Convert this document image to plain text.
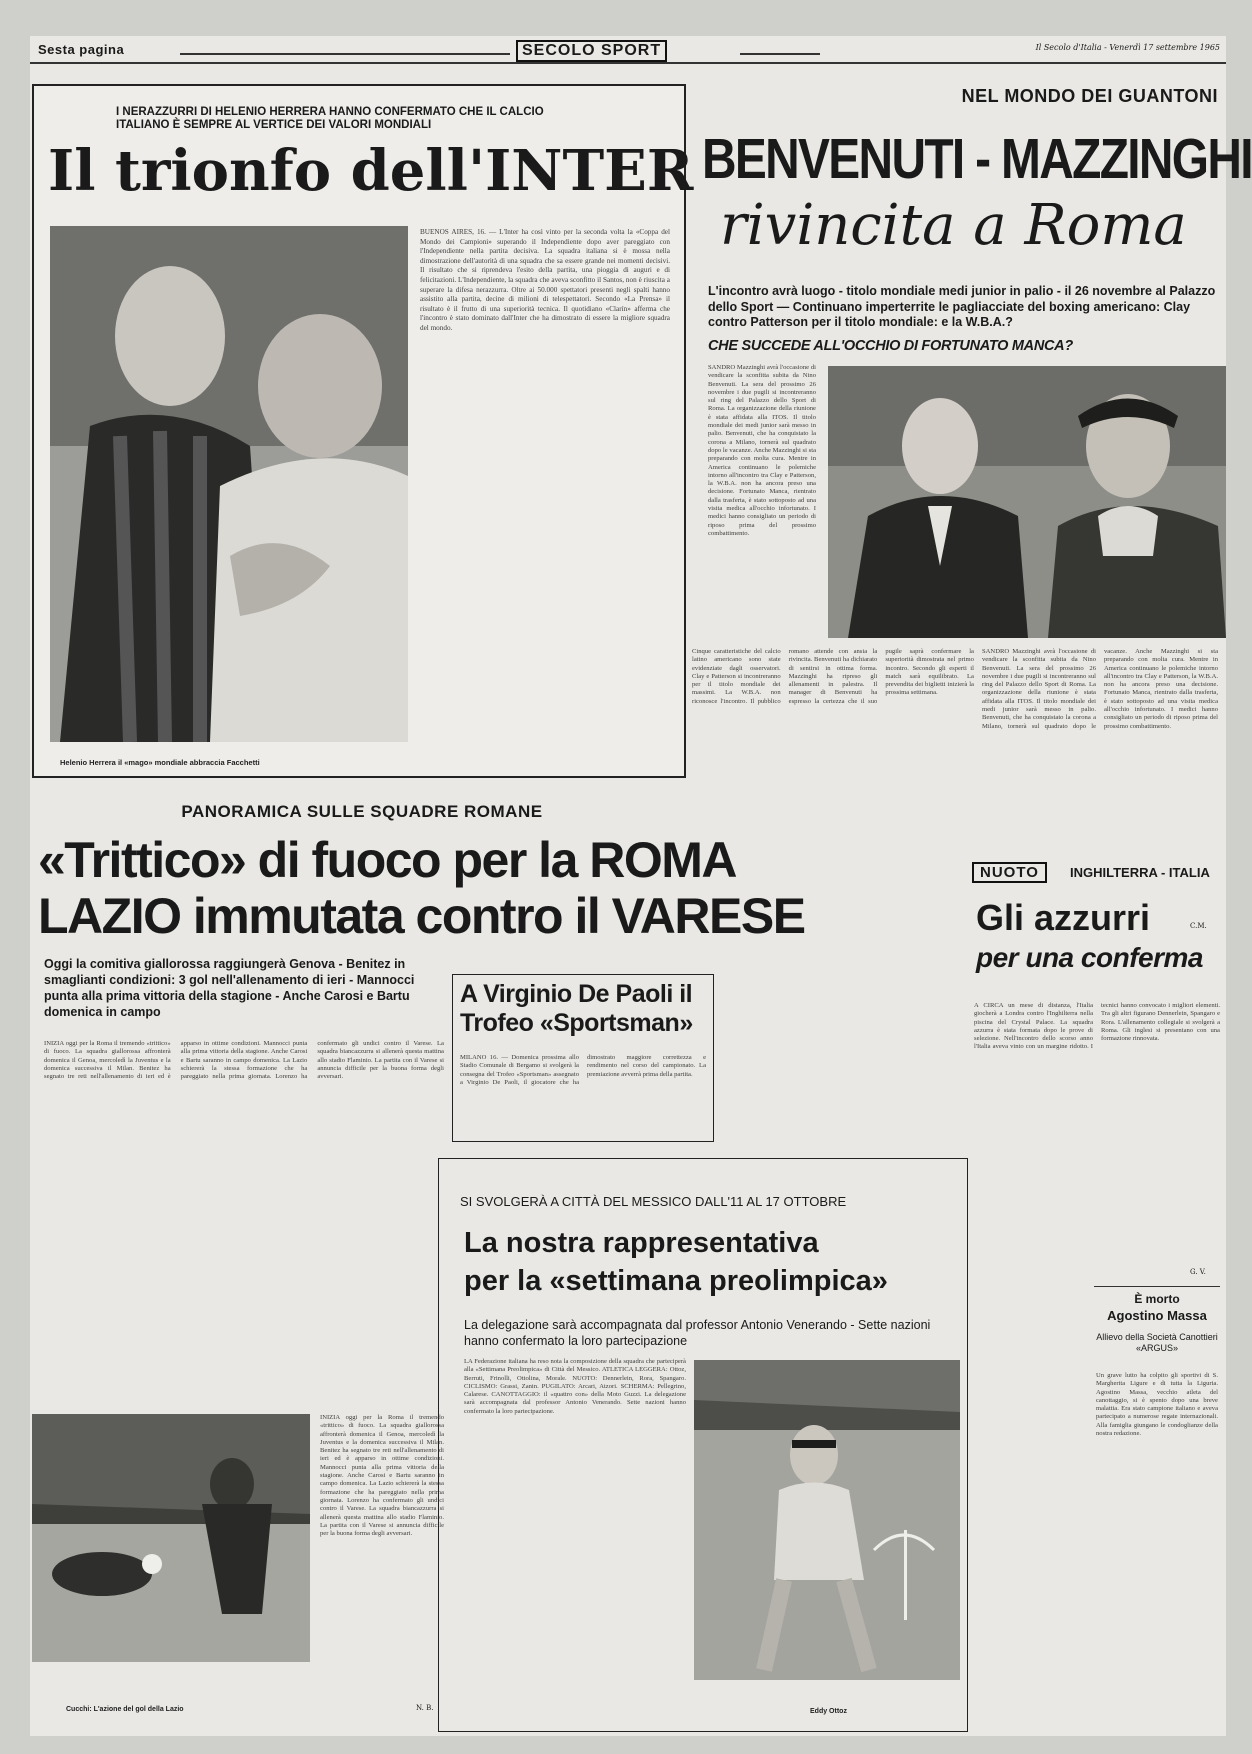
Sesta pagina	SECOLO SPORT	Il Secolo d'Italia - Venerdì 17 settembre 1965
I NERAZZURRI DI HELENIO HERRERA HANNO CONFERMATO CHE IL CALCIO ITALIANO È SEMPRE AL VERTICE DEI VALORI MONDIALI
Il trionfo dell'INTER
Helenio Herrera il «mago» mondiale abbraccia Facchetti
BUENOS AIRES, 16. — L'Inter ha così vinto per la seconda volta la «Coppa del Mondo dei Campioni» superando il Independiente dopo aver pareggiato con l'Independiente nella partita decisiva. La squadra italiana si è mossa nella dimostrazione dell'autorità di una squadra che sa essere grande nei momenti decisivi. Il risultato che si riprendeva l'esito della partita, una pioggia di auguri e di felicitazioni. L'Independiente, la squadra che aveva sconfitto il Santos, non è riuscita a superare la difesa nerazzurra. Oltre ai 50.000 spettatori presenti negli spalti hanno assistito alla partita, decine di milioni di telespettatori. Secondo «La Prensa» il risultato è il frutto di una superiorità tecnica. Il quotidiano «Clarín» afferma che l'incontro è stato dominato dall'Inter che ha dimostrato di essere la migliore squadra del mondo.
NEL MONDO DEI GUANTONI
BENVENUTI - MAZZINGHI
rivincita a Roma
L'incontro avrà luogo - titolo mondiale medi junior in palio - il 26 novembre al Palazzo dello Sport — Continuano imperterrite le pagliacciate del boxing americano: Clay contro Patterson per il titolo mondiale: e la W.B.A.?
CHE SUCCEDE ALL'OCCHIO DI FORTUNATO MANCA?
SANDRO Mazzinghi avrà l'occasione di vendicare la sconfitta subita da Nino Benvenuti. La sera del prossimo 26 novembre i due pugili si incontreranno sul ring del Palazzo dello Sport di Roma. La organizzazione della riunione è stata affidata alla ITOS. Il titolo mondiale dei medi junior sarà messo in palio. Benvenuti, che ha conquistato la corona a Milano, tornerà sul quadrato dopo le vacanze. Anche Mazzinghi si sta preparando con molta cura. Mentre in America continuano le polemiche intorno all'incontro tra Clay e Patterson, la W.B.A. non ha ancora preso una decisione. Fortunato Manca, rientrato dalla trasferta, è stato sottoposto ad una visita medica all'occhio infortunato. I medici hanno consigliato un periodo di riposo prima del prossimo combattimento.
Cinque caratteristiche del calcio latino americano sono state evidenziate dagli osservatori. Clay e Patterson si incontreranno per il titolo mondiale dei massimi. La W.B.A. non riconosce l'incontro. Il pubblico romano attende con ansia la rivincita. Benvenuti ha dichiarato di sentirsi in ottima forma. Mazzinghi ha ripreso gli allenamenti in palestra. Il manager di Benvenuti ha espresso la certezza che il suo pugile saprà confermare la superiorità dimostrata nel primo incontro. Secondo gli esperti il match sarà equilibrato. La prevendita dei biglietti inizierà la prossima settimana.
SANDRO Mazzinghi avrà l'occasione di vendicare la sconfitta subita da Nino Benvenuti. La sera del prossimo 26 novembre i due pugili si incontreranno sul ring del Palazzo dello Sport di Roma. La organizzazione della riunione è stata affidata alla ITOS. Il titolo mondiale dei medi junior sarà messo in palio. Benvenuti, che ha conquistato la corona a Milano, tornerà sul quadrato dopo le vacanze. Anche Mazzinghi si sta preparando con molta cura. Mentre in America continuano le polemiche intorno all'incontro tra Clay e Patterson, la W.B.A. non ha ancora preso una decisione. Fortunato Manca, rientrato dalla trasferta, è stato sottoposto ad una visita medica all'occhio infortunato. I medici hanno consigliato un periodo di riposo prima del prossimo combattimento.
C.M.
PANORAMICA SULLE SQUADRE ROMANE
«Trittico» di fuoco per la ROMA
LAZIO immutata contro il VARESE
Oggi la comitiva giallorossa raggiungerà Genova - Benitez in smaglianti condizioni: 3 gol nell'allenamento di ieri - Mannocci punta alla prima vittoria della stagione - Anche Carosi e Bartu domenica in campo
INIZIA oggi per la Roma il tremendo «trittico» di fuoco. La squadra giallorossa affronterà domenica il Genoa, mercoledì la Juventus e la domenica successiva il Milan. Benitez ha segnato tre reti nell'allenamento di ieri ed è apparso in ottime condizioni. Mannocci punta alla prima vittoria della stagione. Anche Carosi e Bartu saranno in campo domenica. La Lazio schiererà la stessa formazione che ha pareggiato nella prima giornata. Lorenzo ha confermato gli undici contro il Varese. La squadra biancazzurra si allenerà questa mattina allo stadio Flaminio. La partita con il Varese si annuncia difficile per la buona forma degli avversari.
Cucchi: L'azione del gol della Lazio
INIZIA oggi per la Roma il tremendo «trittico» di fuoco. La squadra giallorossa affronterà domenica il Genoa, mercoledì la Juventus e la domenica successiva il Milan. Benitez ha segnato tre reti nell'allenamento di ieri ed è apparso in ottime condizioni. Mannocci punta alla prima vittoria della stagione. Anche Carosi e Bartu saranno in campo domenica. La Lazio schiererà la stessa formazione che ha pareggiato nella prima giornata. Lorenzo ha confermato gli undici contro il Varese. La squadra biancazzurra si allenerà questa mattina allo stadio Flaminio. La partita con il Varese si annuncia difficile per la buona forma degli avversari.
N. B.
A Virginio De Paoli il Trofeo «Sportsman»
MILANO 16. — Domenica prossima allo Stadio Comunale di Bergamo si svolgerà la consegna del Trofeo «Sportsman» assegnato a Virginio De Paoli, il giocatore che ha dimostrato maggiore correttezza e rendimento nel corso del campionato. La premiazione avverrà prima della partita.
SI SVOLGERÀ A CITTÀ DEL MESSICO DALL'11 AL 17 OTTOBRE
La nostra rappresentativa
per la «settimana preolimpica»
La delegazione sarà accompagnata dal professor Antonio Venerando - Sette nazioni hanno confermato la loro partecipazione
LA Federazione italiana ha reso nota la composizione della squadra che parteciperà alla «Settimana Preolimpica» di Città del Messico. ATLETICA LEGGERA: Ottoz, Berruti, Frinolli, Ottolina, Morale. NUOTO: Dennerlein, Rora, Spangaro. CICLISMO: Grassi, Zanin. PUGILATO: Arcari, Atzori. SCHERMA: Pellegrino, Calarese. CANOTTAGGIO: il «quattro con» della Moto Guzzi. La delegazione sarà accompagnata dal professor Antonio Venerando. Sette nazioni hanno confermato la loro partecipazione.
Eddy Ottoz
NUOTO	INGHILTERRA - ITALIA
Gli azzurri
per una conferma
A CIRCA un mese di distanza, l'Italia giocherà a Londra contro l'Inghilterra nella piscina del Crystal Palace. La squadra azzurra è stata formata dopo le prove di selezione. Nell'incontro dello scorso anno l'Italia aveva vinto con un margine ridotto. I tecnici hanno convocato i migliori elementi. Tra gli altri figurano Dennerlein, Spangaro e Rora. L'allenamento collegiale si svolgerà a Roma. Gli inglesi si presentano con una formazione rinnovata.
G. V.
È morto
Agostino Massa
Allievo della Società Canottieri «ARGUS»
Un grave lutto ha colpito gli sportivi di S. Margherita Ligure e di tutta la Liguria. Agostino Massa, vecchio atleta del canottaggio, si è spento dopo una breve malattia. Era stato campione italiano e aveva partecipato a numerose regate internazionali. Alla famiglia giungano le condoglianze della nostra redazione.
